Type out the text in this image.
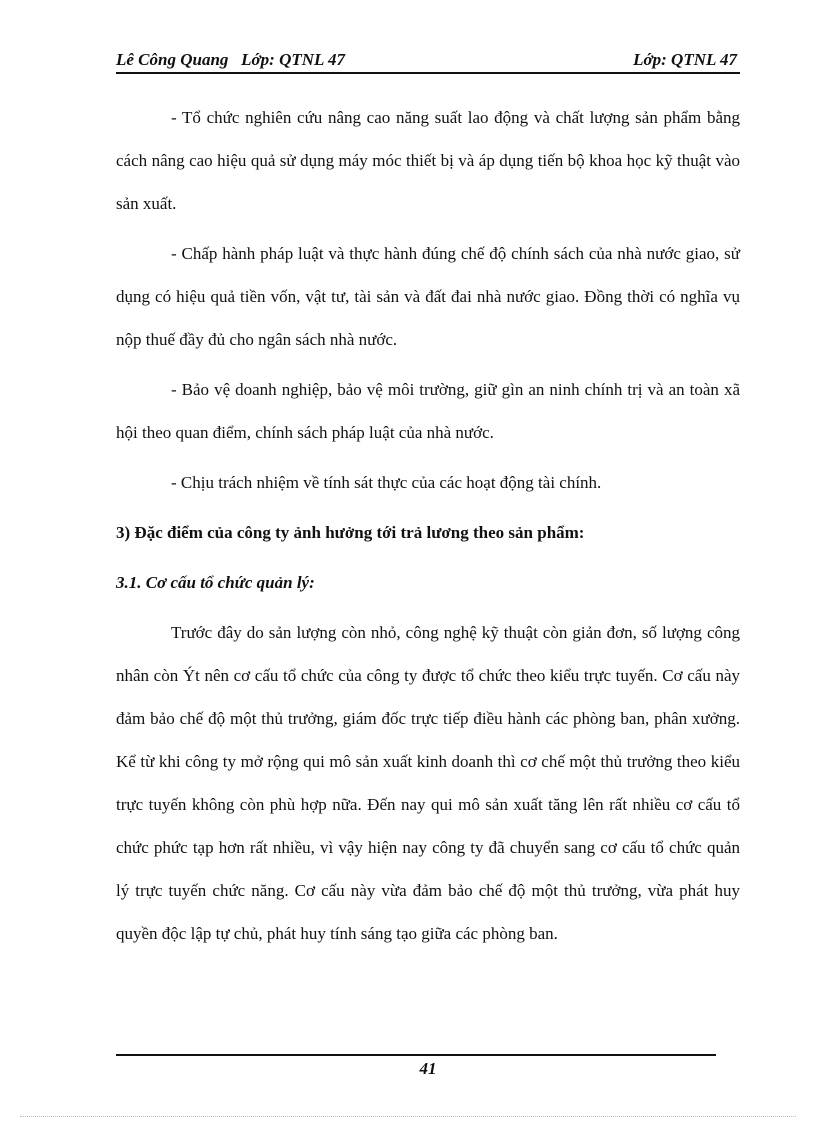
Lê Công Quang   Lớp: QTNL 47	Lớp: QTNL 47

- Tổ chức nghiên cứu nâng cao năng suất lao động và chất lượng sản phẩm bằng cách nâng cao hiệu quả sử dụng máy móc thiết bị và áp dụng tiến bộ khoa học kỹ thuật vào sản xuất.

- Chấp hành pháp luật và thực hành đúng chế độ chính sách của nhà nước giao, sử dụng có hiệu quả tiền vốn, vật tư, tài sản và đất đai nhà nước giao. Đồng thời có nghĩa vụ nộp thuế đầy đủ cho ngân sách nhà nước.

- Bảo vệ doanh nghiệp, bảo vệ môi trường, giữ gìn an ninh chính trị và an toàn xã hội theo quan điểm, chính sách pháp luật của nhà nước.

- Chịu trách nhiệm về tính sát thực của các hoạt động tài chính.

3) Đặc điểm của công ty ảnh hưởng tới trả lương theo sản phẩm:

3.1. Cơ cấu tổ chức quản lý:

Trước đây do sản lượng còn nhỏ, công nghệ kỹ thuật còn giản đơn, số lượng công nhân còn Ýt nên cơ cấu tổ chức của công ty được tổ chức theo kiểu trực tuyến. Cơ cấu này đảm bảo chế độ một thủ trưởng, giám đốc trực tiếp điều hành các phòng ban, phân xưởng. Kể từ khi công ty mở rộng qui mô sản xuất kinh doanh thì cơ chế một thủ trưởng theo kiểu trực tuyến không còn phù hợp nữa. Đến nay qui mô sản xuất tăng lên rất nhiều cơ cấu tổ chức phức tạp hơn rất nhiều, vì vậy hiện nay công ty đã chuyển sang cơ cấu tổ chức quản lý trực tuyến chức năng. Cơ cấu này vừa đảm bảo chế độ một thủ trưởng, vừa phát huy quyền độc lập tự chủ, phát huy tính sáng tạo giữa các phòng ban.

41
